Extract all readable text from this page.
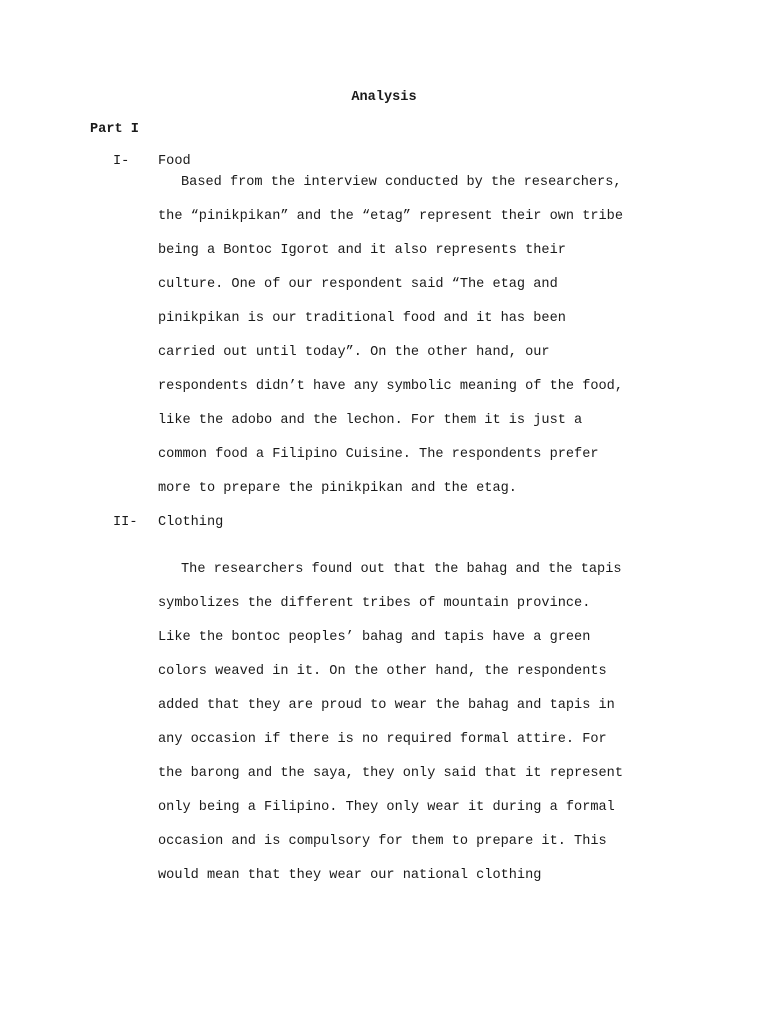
Analysis
Part I
I- Food
Based from the interview conducted by the researchers,
the “pinikpikan” and the “etag” represent their own tribe
being a Bontoc Igorot and it also represents their
culture. One of our respondent said “The etag and
pinikpikan is our traditional food and it has been
carried out until today”. On the other hand, our
respondents didn’t have any symbolic meaning of the food,
like the adobo and the lechon. For them it is just a
common food a Filipino Cuisine. The respondents prefer
more to prepare the pinikpikan and the etag.
II- Clothing
The researchers found out that the bahag and the tapis
symbolizes the different tribes of mountain province.
Like the bontoc peoples’ bahag and tapis have a green
colors weaved in it. On the other hand, the respondents
added that they are proud to wear the bahag and tapis in
any occasion if there is no required formal attire. For
the barong and the saya, they only said that it represent
only being a Filipino. They only wear it during a formal
occasion and is compulsory for them to prepare it. This
would mean that they wear our national clothing
